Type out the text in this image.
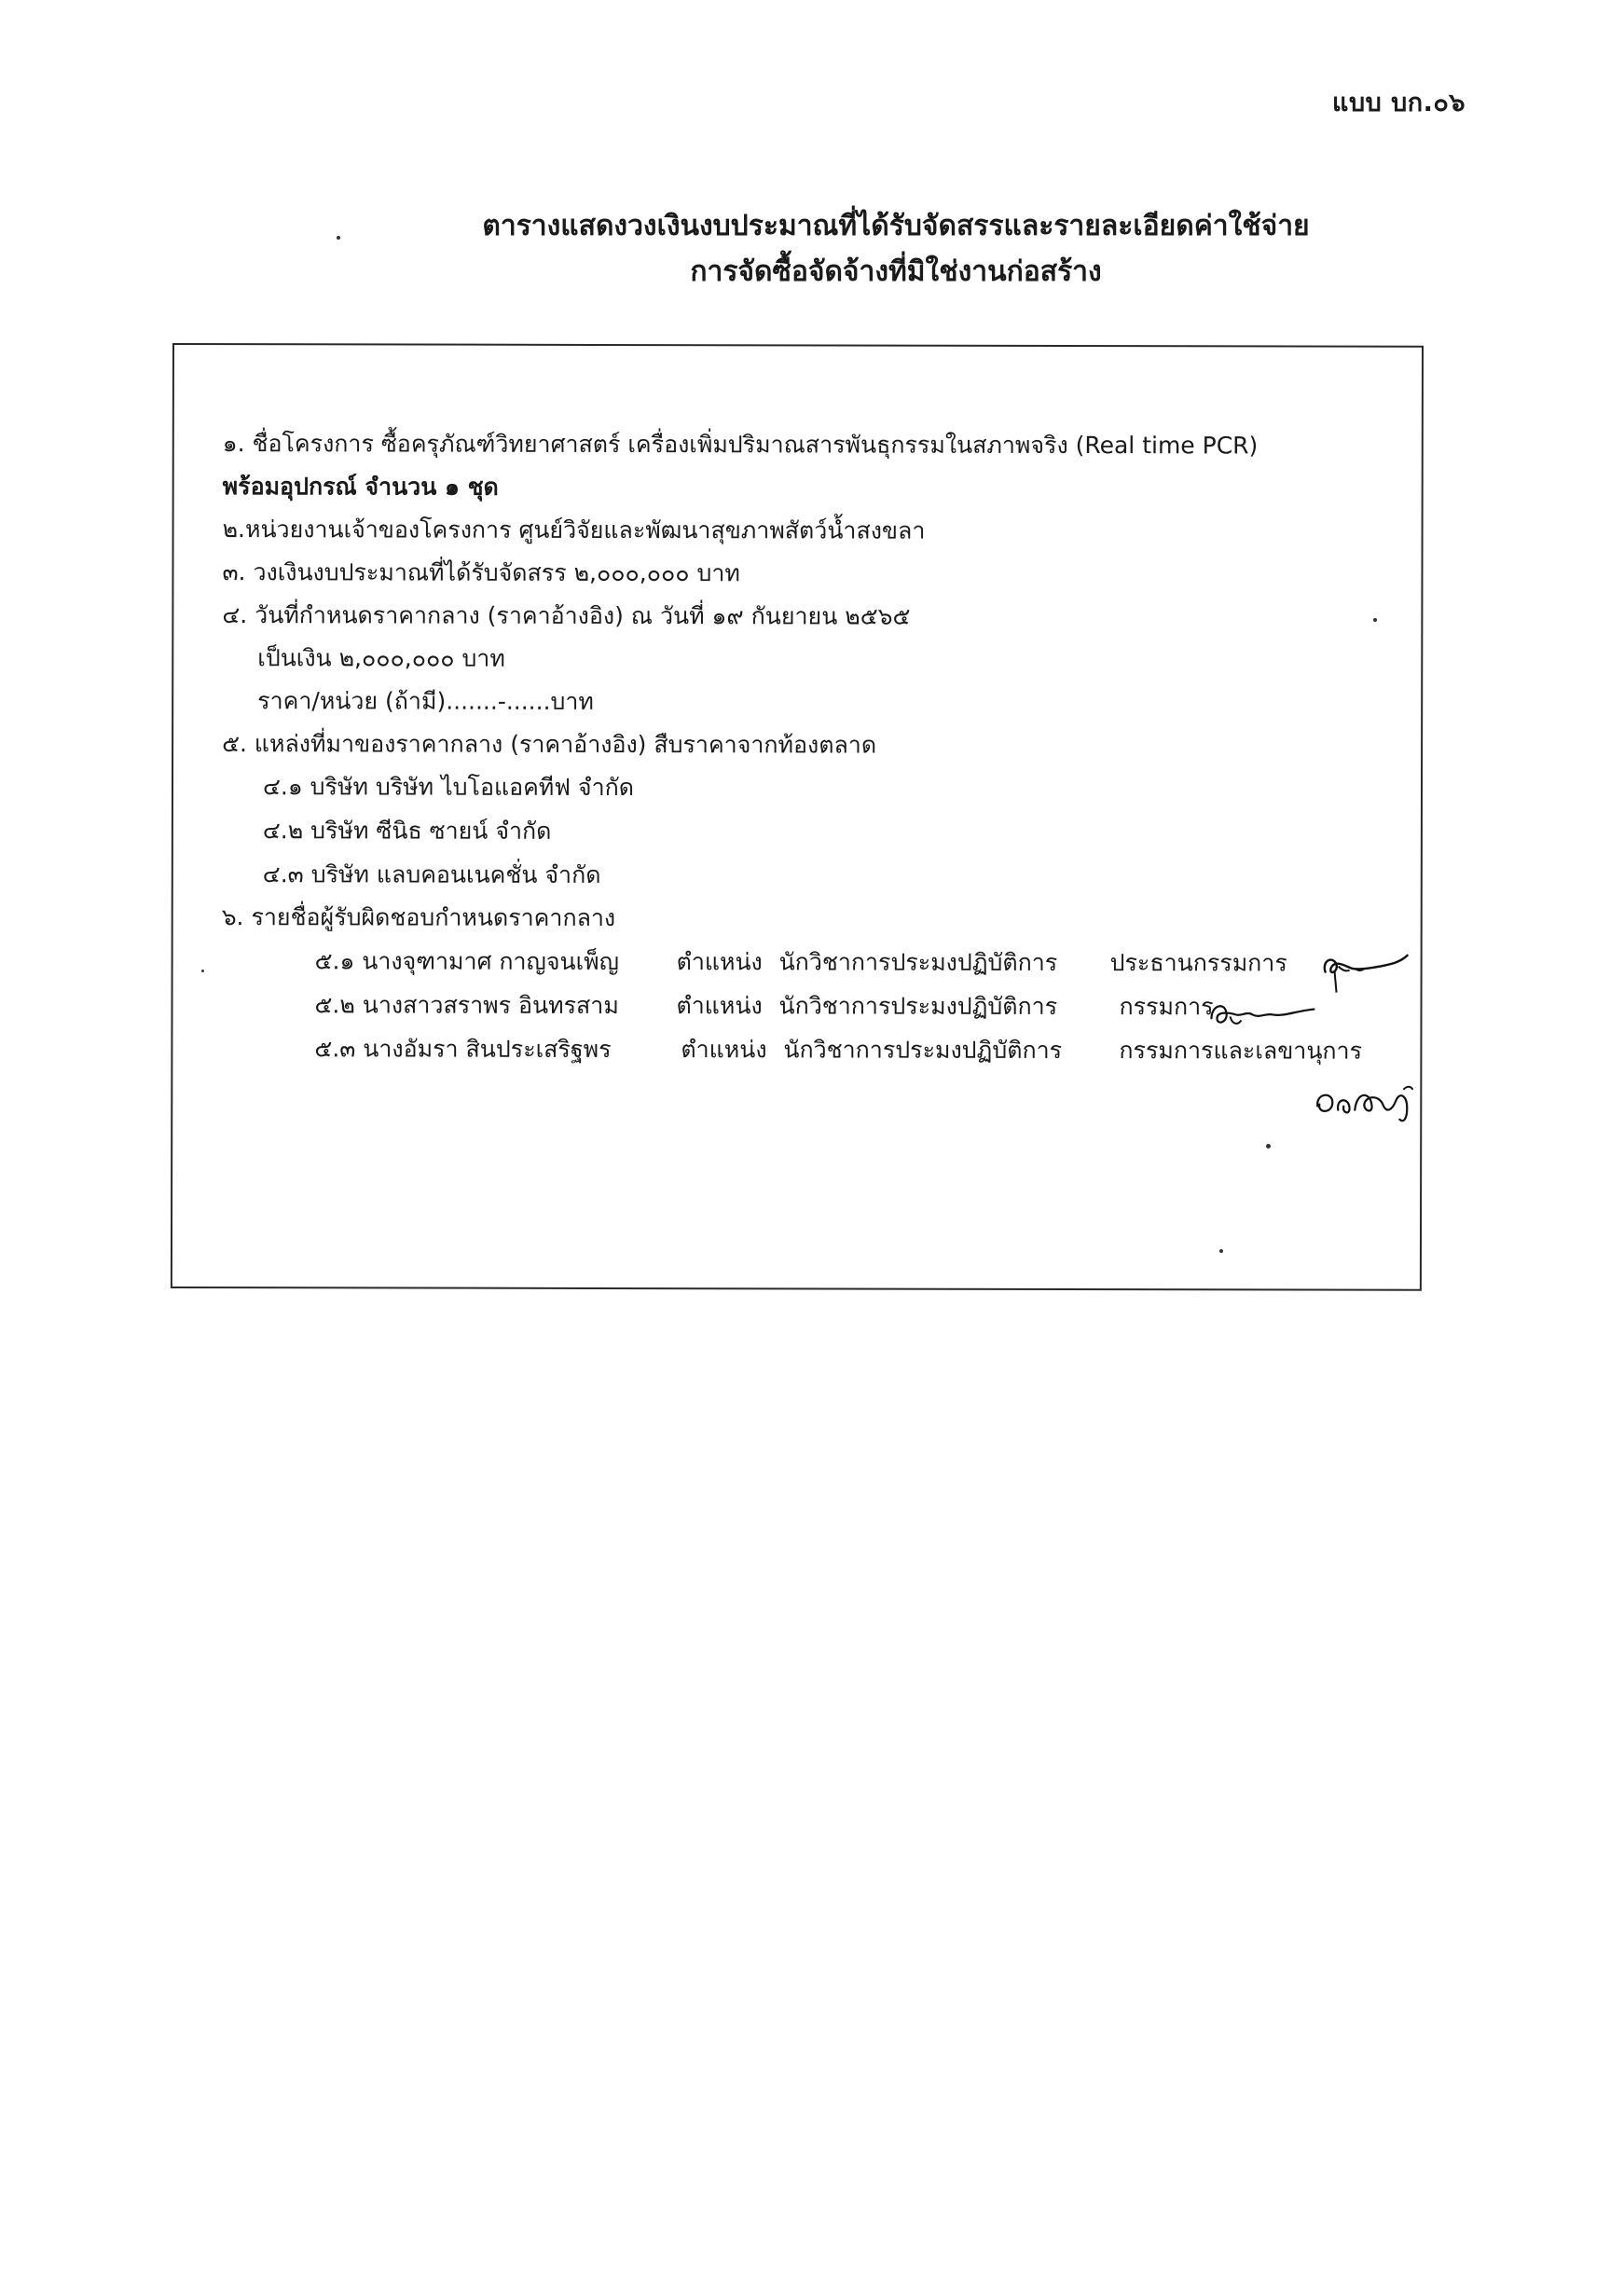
แบบ บก.๐๖
ตารางแสดงวงเงินงบประมาณที่ได้รับจัดสรรและรายละเอียดค่าใช้จ่าย
การจัดซื้อจัดจ้างที่มิใช่งานก่อสร้าง
๑. ชื่อโครงการ ซื้อครุภัณฑ์วิทยาศาสตร์ เครื่องเพิ่มปริมาณสารพันธุกรรมในสภาพจริง (Real time PCR)
พร้อมอุปกรณ์ จำนวน ๑ ชุด
๒.หน่วยงานเจ้าของโครงการ ศูนย์วิจัยและพัฒนาสุขภาพสัตว์น้ำสงขลา
๓. วงเงินงบประมาณที่ได้รับจัดสรร ๒,๐๐๐,๐๐๐ บาท
๔. วันที่กำหนดราคากลาง (ราคาอ้างอิง) ณ วันที่ ๑๙ กันยายน ๒๕๖๕
เป็นเงิน ๒,๐๐๐,๐๐๐ บาท
ราคา/หน่วย (ถ้ามี).......-......บาท
๕. แหล่งที่มาของราคากลาง (ราคาอ้างอิง) สืบราคาจากท้องตลาด
๔.๑ บริษัท บริษัท ไบโอแอคทีฟ จำกัด
๔.๒ บริษัท ซีนิธ ซายน์ จำกัด
๔.๓ บริษัท แลบคอนเนคชั่น จำกัด
๖. รายชื่อผู้รับผิดชอบกำหนดราคากลาง
๕.๑ นางจุฑามาศ กาญจนเพ็ญ ตำแหน่ง นักวิชาการประมงปฏิบัติการ ประธานกรรมการ
๕.๒ นางสาวสราพร อินทรสาม ตำแหน่ง นักวิชาการประมงปฏิบัติการ	กรรมการ
๕.๓ นางอัมรา สินประเสริฐพร	ตำแหน่ง นักวิชาการประมงปฏิบัติการ กรรมการและเลขานุการ
